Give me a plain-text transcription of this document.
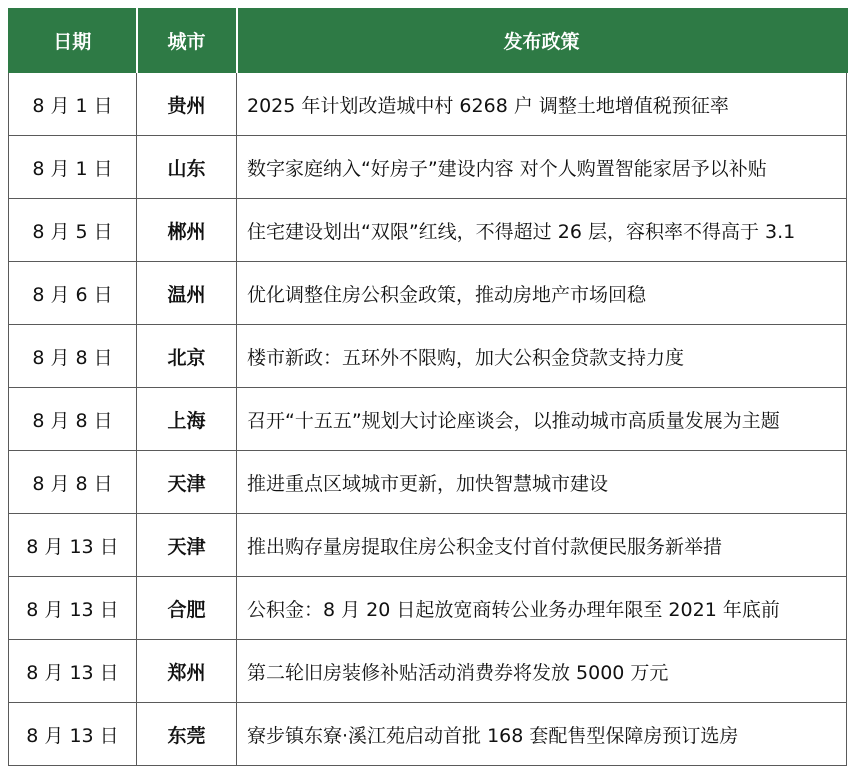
日期	城市	发布政策
8 月 1 日	贵州	2025 年计划改造城中村 6268 户 调整土地增值税预征率
8 月 1 日	山东	数字家庭纳入“好房子”建设内容 对个人购置智能家居予以补贴
8 月 5 日	郴州	住宅建设划出“双限”红线，不得超过 26 层，容积率不得高于 3.1
8 月 6 日	温州	优化调整住房公积金政策，推动房地产市场回稳
8 月 8 日	北京	楼市新政：五环外不限购，加大公积金贷款支持力度
8 月 8 日	上海	召开“十五五”规划大讨论座谈会，以推动城市高质量发展为主题
8 月 8 日	天津	推进重点区域城市更新，加快智慧城市建设
8 月 13 日	天津	推出购存量房提取住房公积金支付首付款便民服务新举措
8 月 13 日	合肥	公积金：8 月 20 日起放宽商转公业务办理年限至 2021 年底前
8 月 13 日	郑州	第二轮旧房装修补贴活动消费券将发放 5000 万元
8 月 13 日	东莞	寮步镇东寮·溪江苑启动首批 168 套配售型保障房预订选房
